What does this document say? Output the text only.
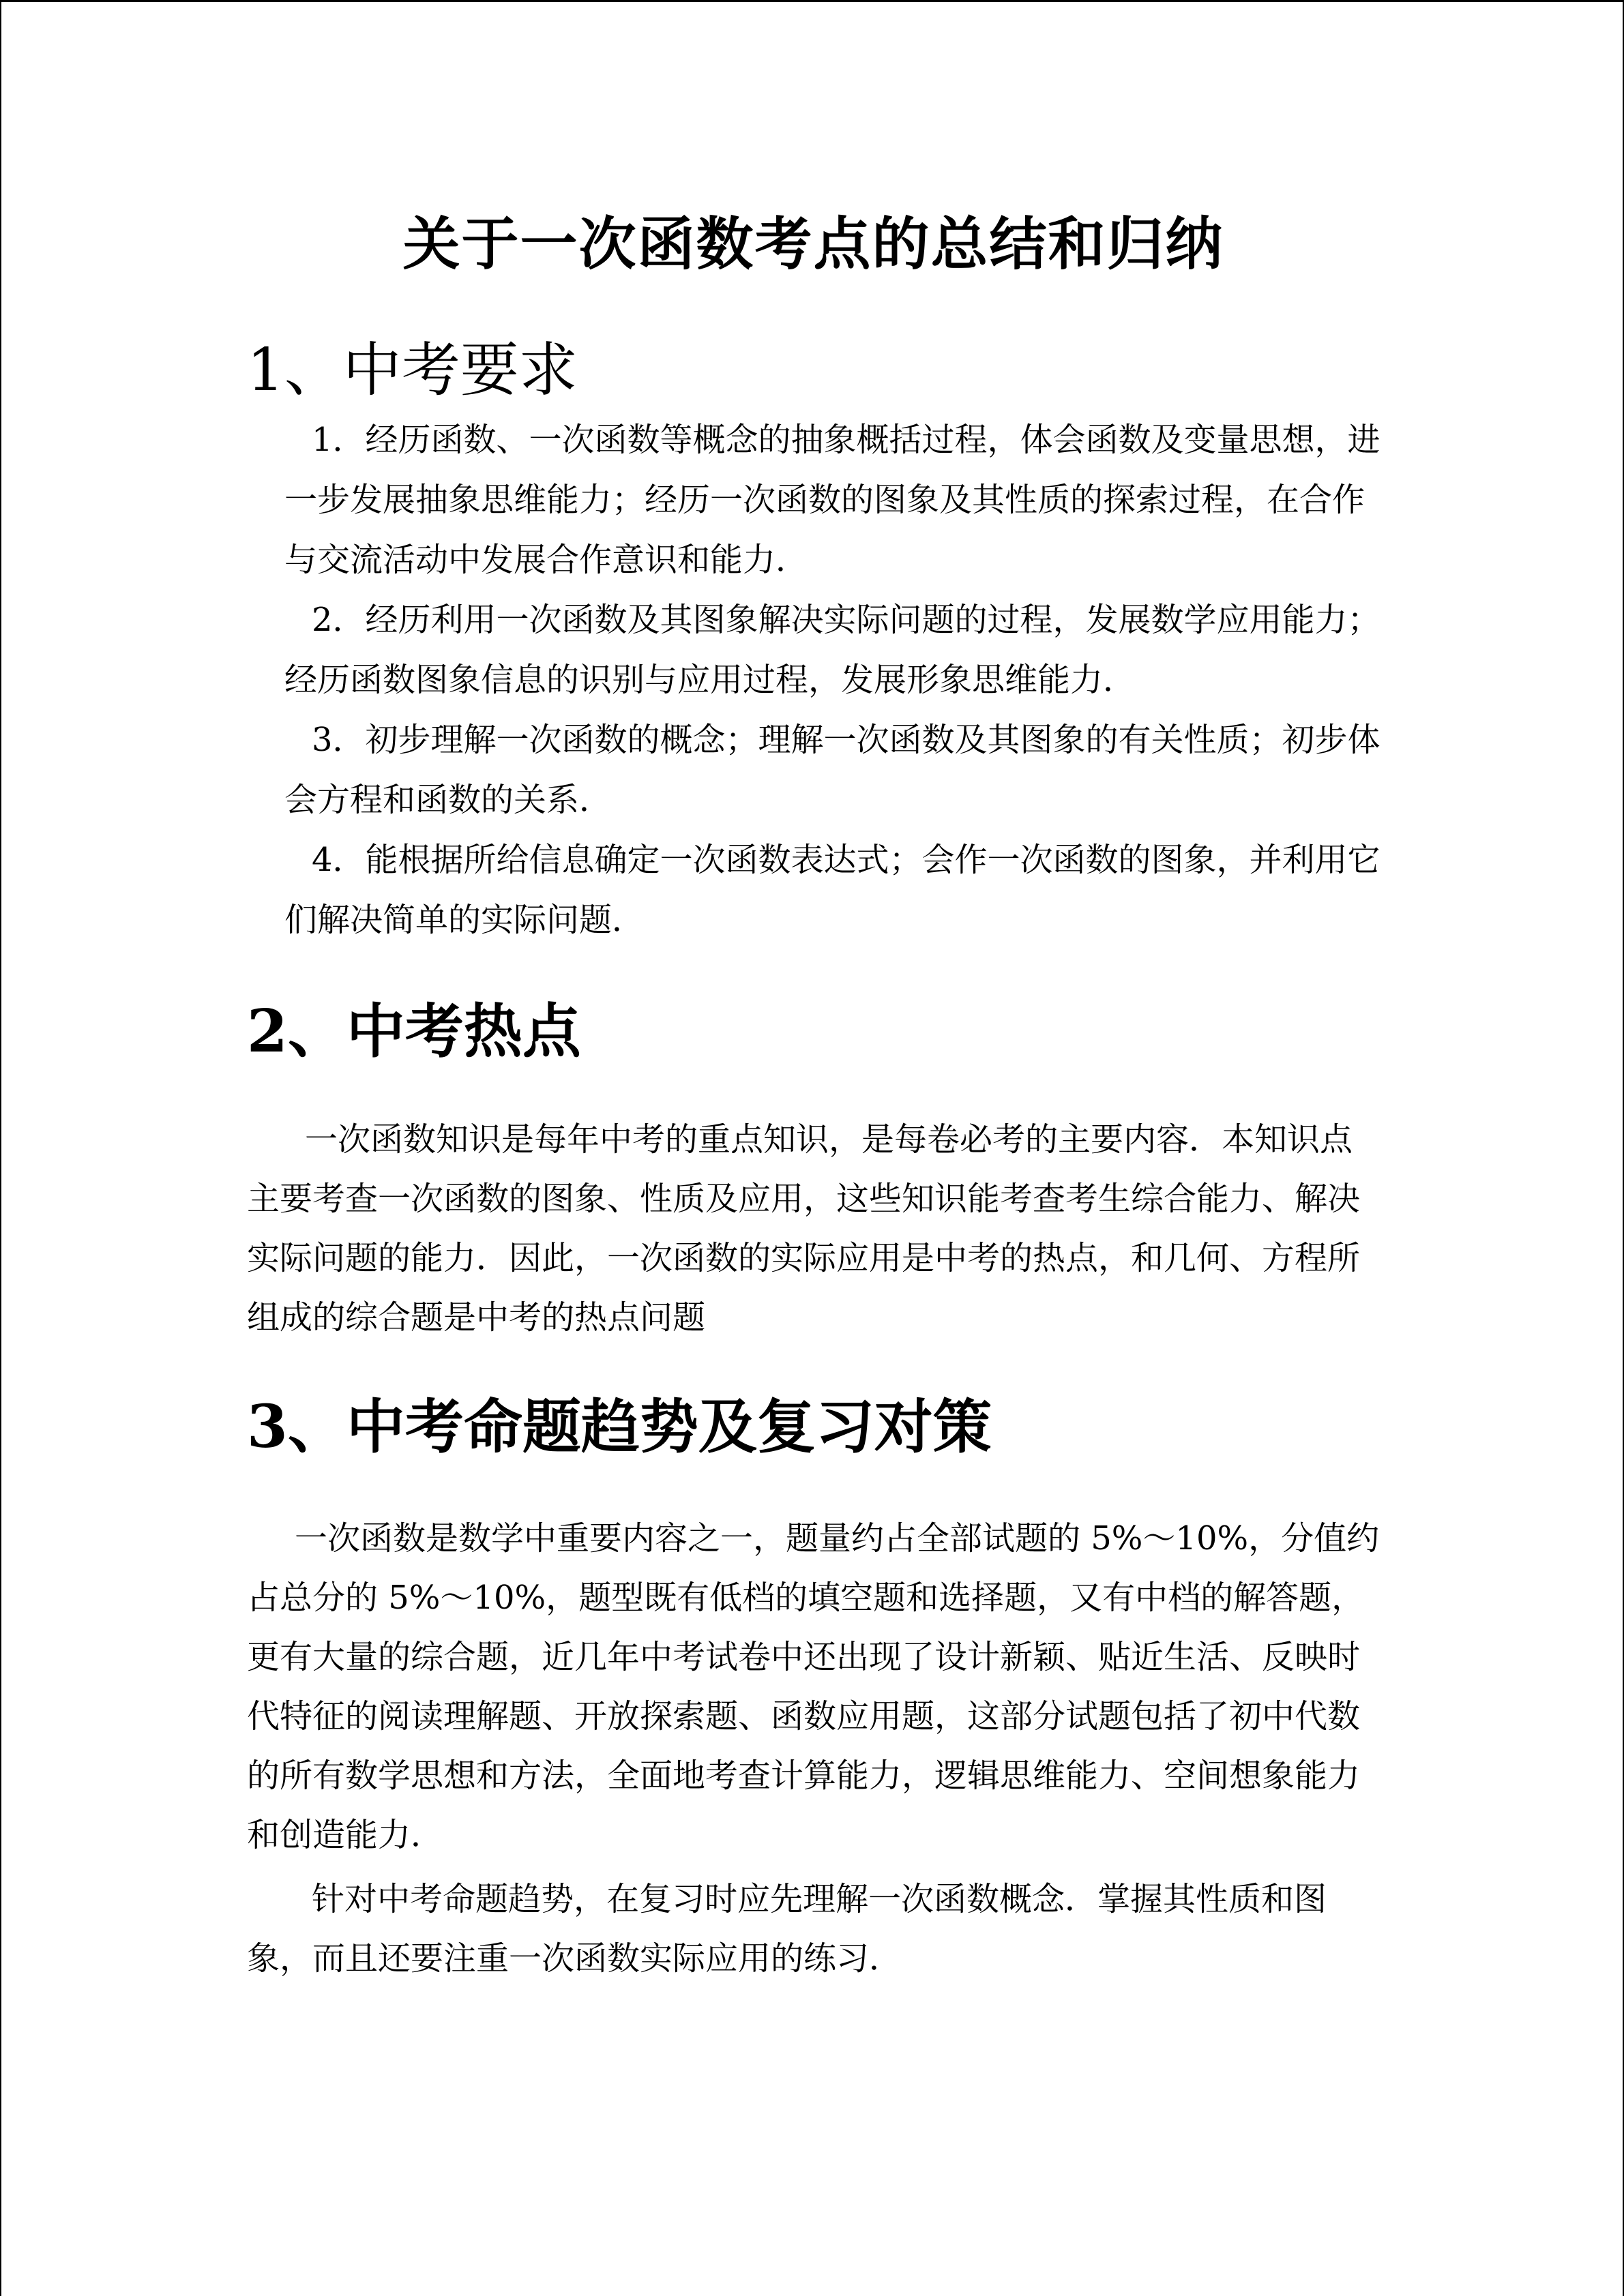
关于一次函数考点的总结和归纳
1、中考要求
1．经历函数、一次函数等概念的抽象概括过程，体会函数及变量思想，进
一步发展抽象思维能力；经历一次函数的图象及其性质的探索过程，在合作
与交流活动中发展合作意识和能力．
2．经历利用一次函数及其图象解决实际问题的过程，发展数学应用能力；
经历函数图象信息的识别与应用过程，发展形象思维能力．
3．初步理解一次函数的概念；理解一次函数及其图象的有关性质；初步体
会方程和函数的关系．
4．能根据所给信息确定一次函数表达式；会作一次函数的图象，并利用它
们解决简单的实际问题．
2、中考热点
一次函数知识是每年中考的重点知识，是每卷必考的主要内容．本知识点
主要考查一次函数的图象、性质及应用，这些知识能考查考生综合能力、解决
实际问题的能力．因此，一次函数的实际应用是中考的热点，和几何、方程所
组成的综合题是中考的热点问题
3、中考命题趋势及复习对策
一次函数是数学中重要内容之一，题量约占全部试题的 5%～10%，分值约
占总分的 5%～10%，题型既有低档的填空题和选择题，又有中档的解答题，
更有大量的综合题，近几年中考试卷中还出现了设计新颖、贴近生活、反映时
代特征的阅读理解题、开放探索题、函数应用题，这部分试题包括了初中代数
的所有数学思想和方法，全面地考查计算能力，逻辑思维能力、空间想象能力
和创造能力．
针对中考命题趋势，在复习时应先理解一次函数概念．掌握其性质和图
象，而且还要注重一次函数实际应用的练习．
